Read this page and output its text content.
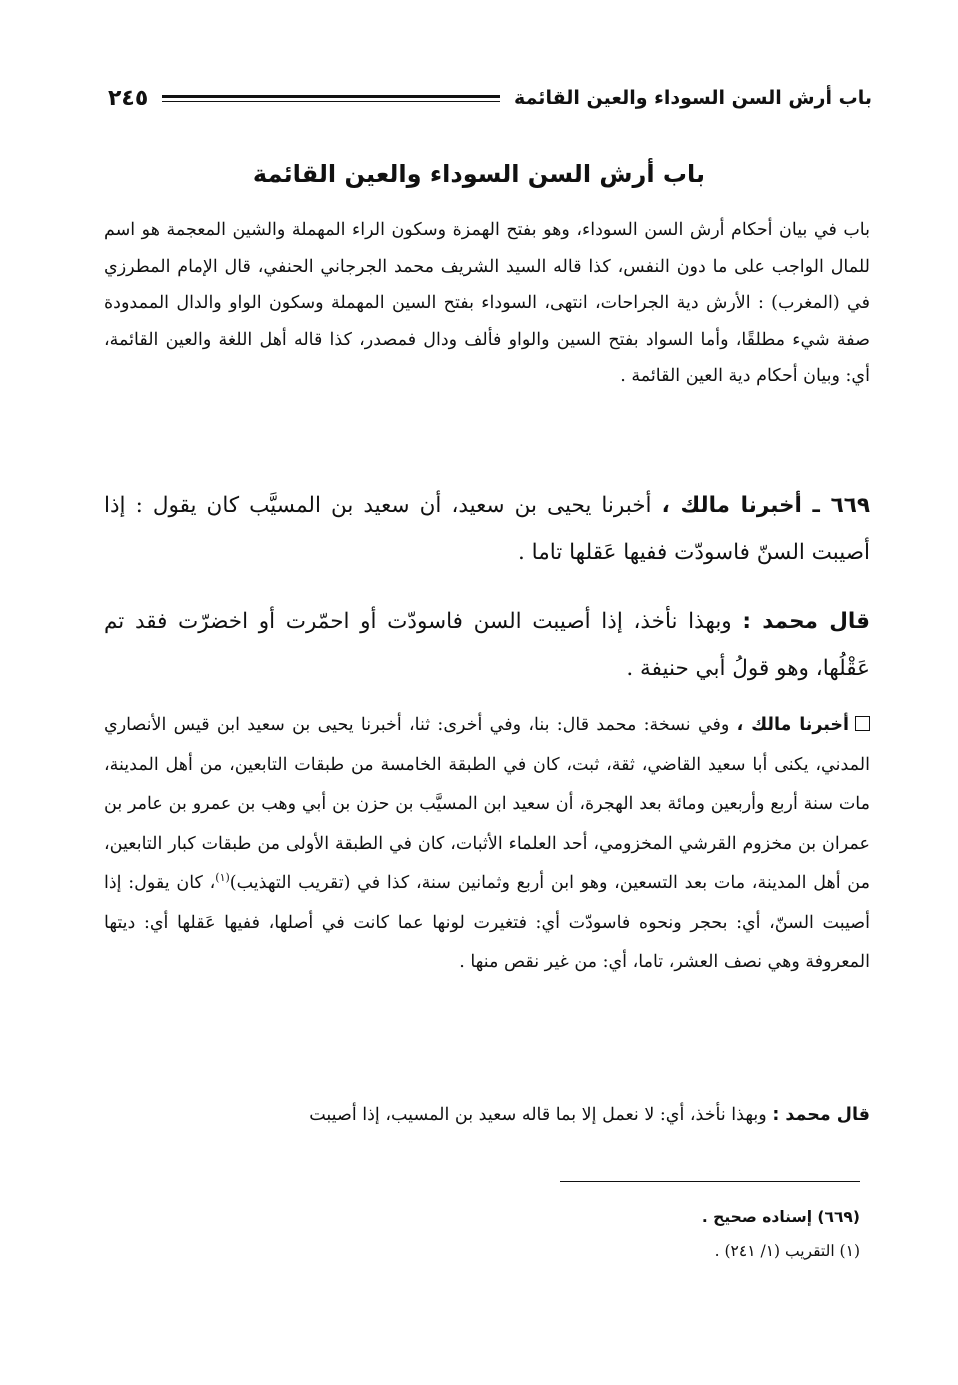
باب أرش السن السوداء والعين القائمة
٢٤٥
باب أرش السن السوداء والعين القائمة

باب في بيان أحكام أرش السن السوداء، وهو بفتح الهمزة وسكون الراء المهملة والشين المعجمة هو اسم للمال الواجب على ما دون النفس، كذا قاله السيد الشريف محمد الجرجاني الحنفي، قال الإمام المطرزي في (المغرب) : الأرش دية الجراحات، انتهى، السوداء بفتح السين المهملة وسكون الواو والدال الممدودة صفة شيء مطلقًا، وأما السواد بفتح السين والواو فألف ودال فمصدر، كذا قاله أهل اللغة والعين القائمة، أي: وبيان أحكام دية العين القائمة .

٦٦٩ ـ أخبرنا مالك ، أخبرنا يحيى بن سعيد، أن سعيد بن المسيَّب كان يقول : إذا أصيبت السنّ فاسودّت ففيها عَقلها تاما .

قال محمد : وبهذا نأخذ، إذا أصيبت السن فاسودّت أو احمّرت أو اخضرّت فقد تم عَقْلُها، وهو قولُ أبي حنيفة .

أخبرنا مالك ، وفي نسخة: محمد قال: بنا، وفي أخرى: ثنا، أخبرنا يحيى بن سعيد ابن قيس الأنصاري المدني، يكنى أبا سعيد القاضي، ثقة، ثبت، كان في الطبقة الخامسة من طبقات التابعين، من أهل المدينة، مات سنة أربع وأربعين ومائة بعد الهجرة، أن سعيد ابن المسيَّب بن حزن بن أبي وهب بن عمرو بن عامر بن عمران بن مخزوم القرشي المخزومي، أحد العلماء الأثبات، كان في الطبقة الأولى من طبقات كبار التابعين، من أهل المدينة، مات بعد التسعين، وهو ابن أربع وثمانين سنة، كذا في (تقريب التهذيب)$^{(١)}$، كان يقول: إذا أصيبت السنّ، أي: بحجر ونحوه فاسودّت أي: فتغيرت لونها عما كانت في أصلها، ففيها عَقلها أي: ديتها المعروفة وهي نصف العشر، تاما، أي: من غير نقص منها .

قال محمد : وبهذا نأخذ، أي: لا نعمل إلا بما قاله سعيد بن المسيب، إذا أصيبت

(٦٦٩) إسناده صحيح .
(١) التقريب (١/ ٢٤١) .
